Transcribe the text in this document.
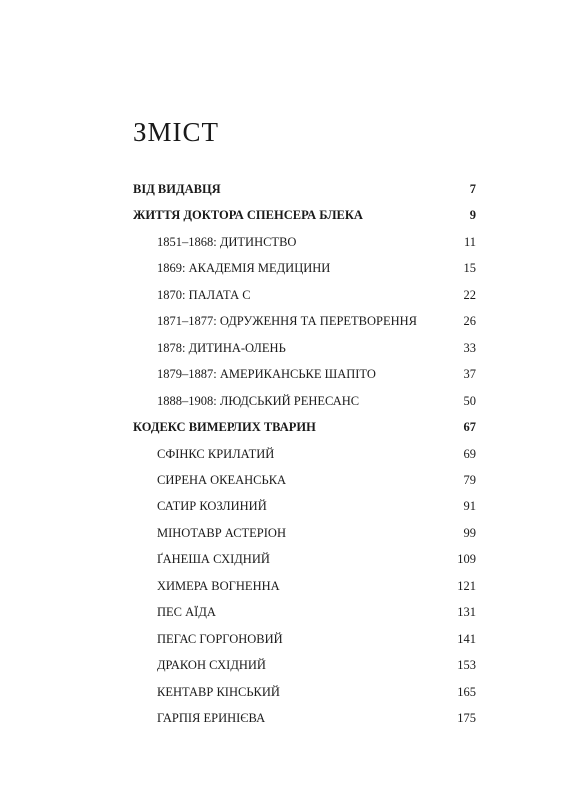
ЗМІСТ
ВІД ВИДАВЦЯ	7
ЖИТТЯ ДОКТОРА СПЕНСЕРА БЛЕКА	9
1851–1868: ДИТИНСТВО	11
1869: АКАДЕМІЯ МЕДИЦИНИ	15
1870: ПАЛАТА С	22
1871–1877: ОДРУЖЕННЯ ТА ПЕРЕТВОРЕННЯ	26
1878: ДИТИНА-ОЛЕНЬ	33
1879–1887: АМЕРИКАНСЬКЕ ШАПІТО	37
1888–1908: ЛЮДСЬКИЙ РЕНЕСАНС	50
КОДЕКС ВИМЕРЛИХ ТВАРИН	67
СФІНКС КРИЛАТИЙ	69
СИРЕНА ОКЕАНСЬКА	79
САТИР КОЗЛИНИЙ	91
МІНОТАВР АСТЕРІОН	99
ҐАНЕША СХІДНИЙ	109
ХИМЕРА ВОГНЕННА	121
ПЕС АЇДА	131
ПЕГАС ГОРГОНОВИЙ	141
ДРАКОН СХІДНИЙ	153
КЕНТАВР КІНСЬКИЙ	165
ГАРПІЯ ЕРИНІЄВА	175
